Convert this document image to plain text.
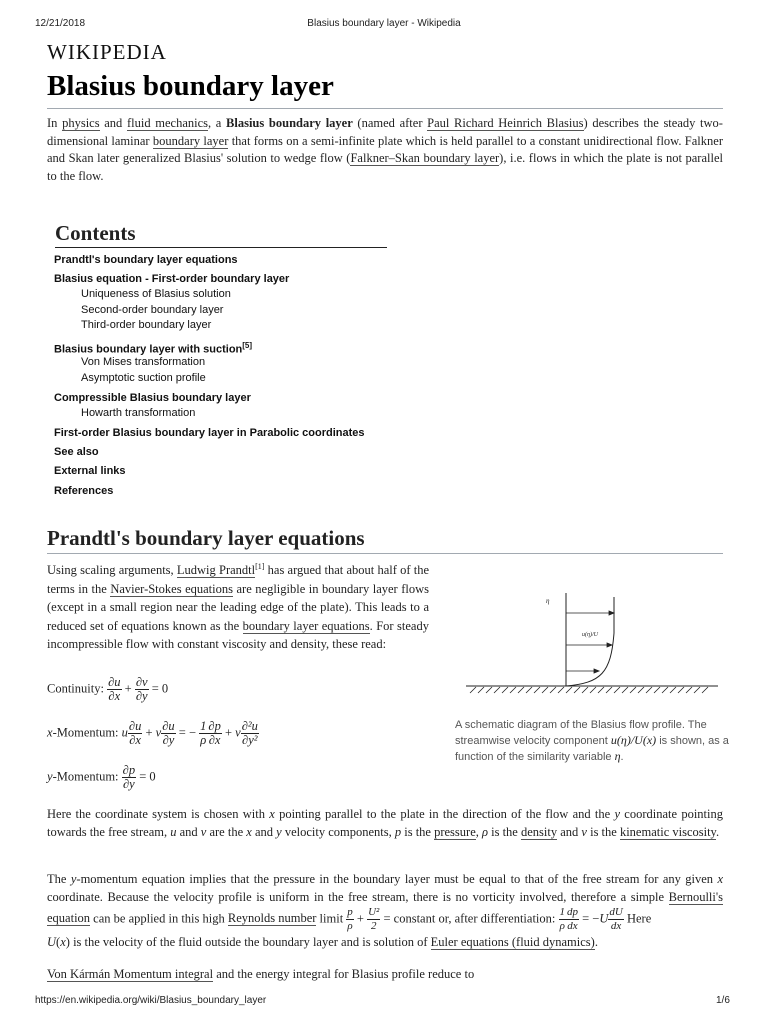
12/21/2018	Blasius boundary layer - Wikipedia
https://en.wikipedia.org/wiki/Blasius_boundary_layer	1/6
WIKIPEDIA
Blasius boundary layer
In physics and fluid mechanics, a Blasius boundary layer (named after Paul Richard Heinrich Blasius) describes the steady two-dimensional laminar boundary layer that forms on a semi-infinite plate which is held parallel to a constant unidirectional flow. Falkner and Skan later generalized Blasius' solution to wedge flow (Falkner–Skan boundary layer), i.e. flows in which the plate is not parallel to the flow.
Contents
Prandtl's boundary layer equations
Blasius equation - First-order boundary layer
Uniqueness of Blasius solution
Second-order boundary layer
Third-order boundary layer
Blasius boundary layer with suction[5]
Von Mises transformation
Asymptotic suction profile
Compressible Blasius boundary layer
Howarth transformation
First-order Blasius boundary layer in Parabolic coordinates
See also
External links
References
Prandtl's boundary layer equations
Using scaling arguments, Ludwig Prandtl[1] has argued that about half of the terms in the Navier-Stokes equations are negligible in boundary layer flows (except in a small region near the leading edge of the plate). This leads to a reduced set of equations known as the boundary layer equations. For steady incompressible flow with constant viscosity and density, these read:
Continuity: $\frac{\partial u}{\partial x} + \frac{\partial v}{\partial y} = 0$
x-Momentum: u $\frac{\partial u}{\partial x} + v \frac{\partial u}{\partial y}$ = − $\frac{1}{\rho} \frac{\partial p}{\partial x} + \nu \frac{\text{∂²u}}{\text{∂y²}}$
y-Momentum: $\frac{\partial p}{\partial y} = 0$
η
u(η)/U
A schematic diagram of the Blasius flow profile. The streamwise velocity component u(η)/U(x) is shown, as a function of the similarity variable η.
Here the coordinate system is chosen with x pointing parallel to the plate in the direction of the flow and the y coordinate pointing towards the free stream, u and v are the x and y velocity components, p is the pressure, ρ is the density and ν is the kinematic viscosity.
The y-momentum equation implies that the pressure in the boundary layer must be equal to that of the free stream for any given x coordinate. Because the velocity profile is uniform in the free stream, there is no vorticity involved, therefore a simple Bernoulli's equation can be applied in this high Reynolds number limit $\frac{p}{\rho} + \frac{\text{U²}}{2}$ = constant or, after differentiation: $\frac{1}{\rho} \frac{dp}{dx} = -U \frac{dU}{dx}$ Here
U(x) is the velocity of the fluid outside the boundary layer and is solution of Euler equations (fluid dynamics).
Von Kármán Momentum integral and the energy integral for Blasius profile reduce to
